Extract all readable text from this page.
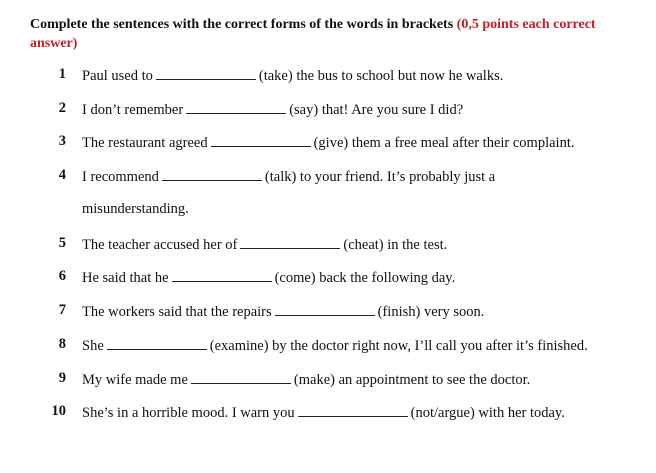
Complete the sentences with the correct forms of the words in brackets (0,5 points each correct answer)
1 Paul used to	(take) the bus to school but now he walks.
2 I don’t remember	(say) that! Are you sure I did?
3 The restaurant agreed	(give) them a free meal after their complaint.
4 I recommend	(talk) to your friend. It’s probably just a
misunderstanding.
5 The teacher accused her of	(cheat) in the test.
6 He said that he	(come) back the following day.
7 The workers said that the repairs	(finish) very soon.
8 She	(examine) by the doctor right now, I’ll call you after it’s finished.
9 My wife made me	(make) an appointment to see the doctor.
10 She’s in a horrible mood. I warn you	(not/argue) with her today.
